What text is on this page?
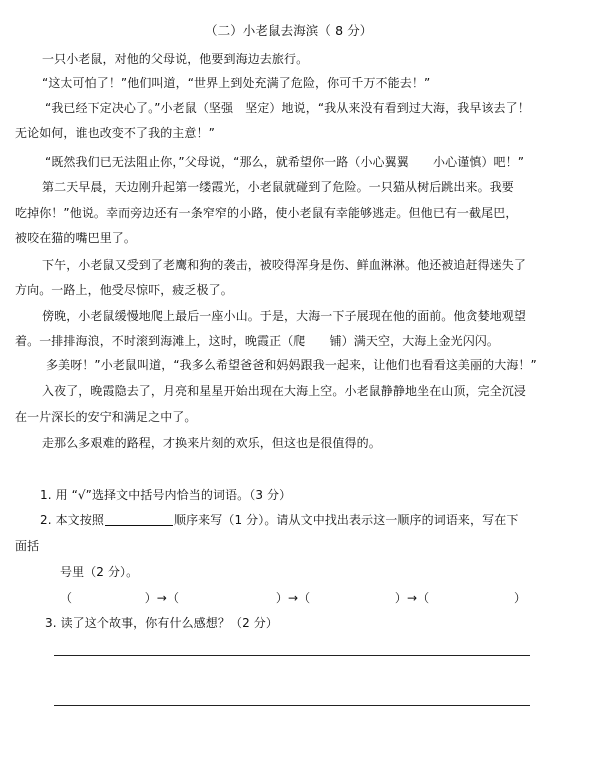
（二）小老鼠去海滨（ 8 分）
一只小老鼠，对他的父母说，他要到海边去旅行。
“这太可怕了！”他们叫道，“世界上到处充满了危险，你可千万不能去！”
“我已经下定决心了。”小老鼠（坚强　坚定）地说，“我从来没有看到过大海，我早该去了！
无论如何，谁也改变不了我的主意！”
“既然我们已无法阻止你，”父母说，“那么，就希望你一路（小心翼翼　　小心谨慎）吧！”
第二天早晨，天边刚升起第一缕霞光，小老鼠就碰到了危险。一只猫从树后跳出来。我要
吃掉你！”他说。幸而旁边还有一条窄窄的小路，使小老鼠有幸能够逃走。但他已有一截尾巴，
被咬在猫的嘴巴里了。
下午，小老鼠又受到了老鹰和狗的袭击，被咬得浑身是伤、鲜血淋淋。他还被追赶得迷失了
方向。一路上，他受尽惊吓，疲乏极了。
傍晚，小老鼠缓慢地爬上最后一座小山。于是，大海一下子展现在他的面前。他贪婪地观望
着。一排排海浪，不时滚到海滩上，这时，晚霞正（爬　　铺）满天空，大海上金光闪闪。
多美呀！”小老鼠叫道，“我多么希望爸爸和妈妈跟我一起来，让他们也看看这美丽的大海！”
入夜了，晚霞隐去了，月亮和星星开始出现在大海上空。小老鼠静静地坐在山顶，完全沉浸
在一片深长的安宁和满足之中了。
走那么多艰难的路程，才换来片刻的欢乐，但这也是很值得的。
1. 用 “√”选择文中括号内恰当的词语。（3 分）
2. 本文按照	顺序来写（1 分）。请从文中找出表示这一顺序的词语来，写在下
面括
号里（2 分）。
（　　　　　　）→（　　　　　　　　）→（　　　　　　　）→（　　　　　　　）
3. 读了这个故事，你有什么感想？（2 分）
